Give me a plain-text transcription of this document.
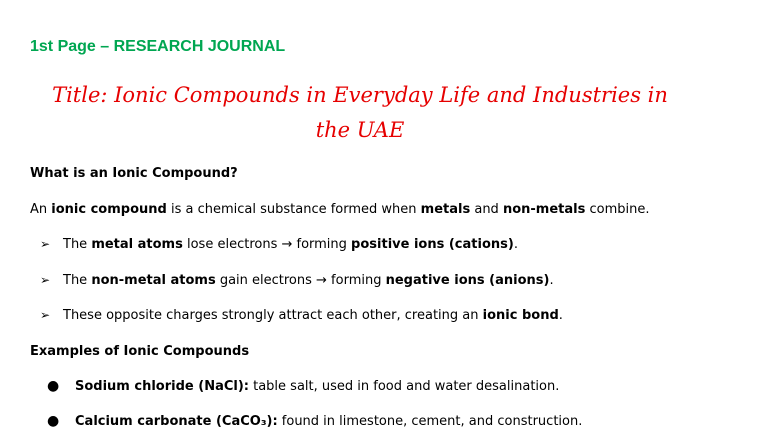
1st Page – RESEARCH JOURNAL
Title: Ionic Compounds in Everyday Life and Industries in the UAE
What is an Ionic Compound?
An ionic compound is a chemical substance formed when metals and non-metals combine.
➢ The metal atoms lose electrons → forming positive ions (cations).
➢ The non-metal atoms gain electrons → forming negative ions (anions).
➢ These opposite charges strongly attract each other, creating an ionic bond.
Examples of Ionic Compounds
● Sodium chloride (NaCl): table salt, used in food and water desalination.
● Calcium carbonate (CaCO₃): found in limestone, cement, and construction.
